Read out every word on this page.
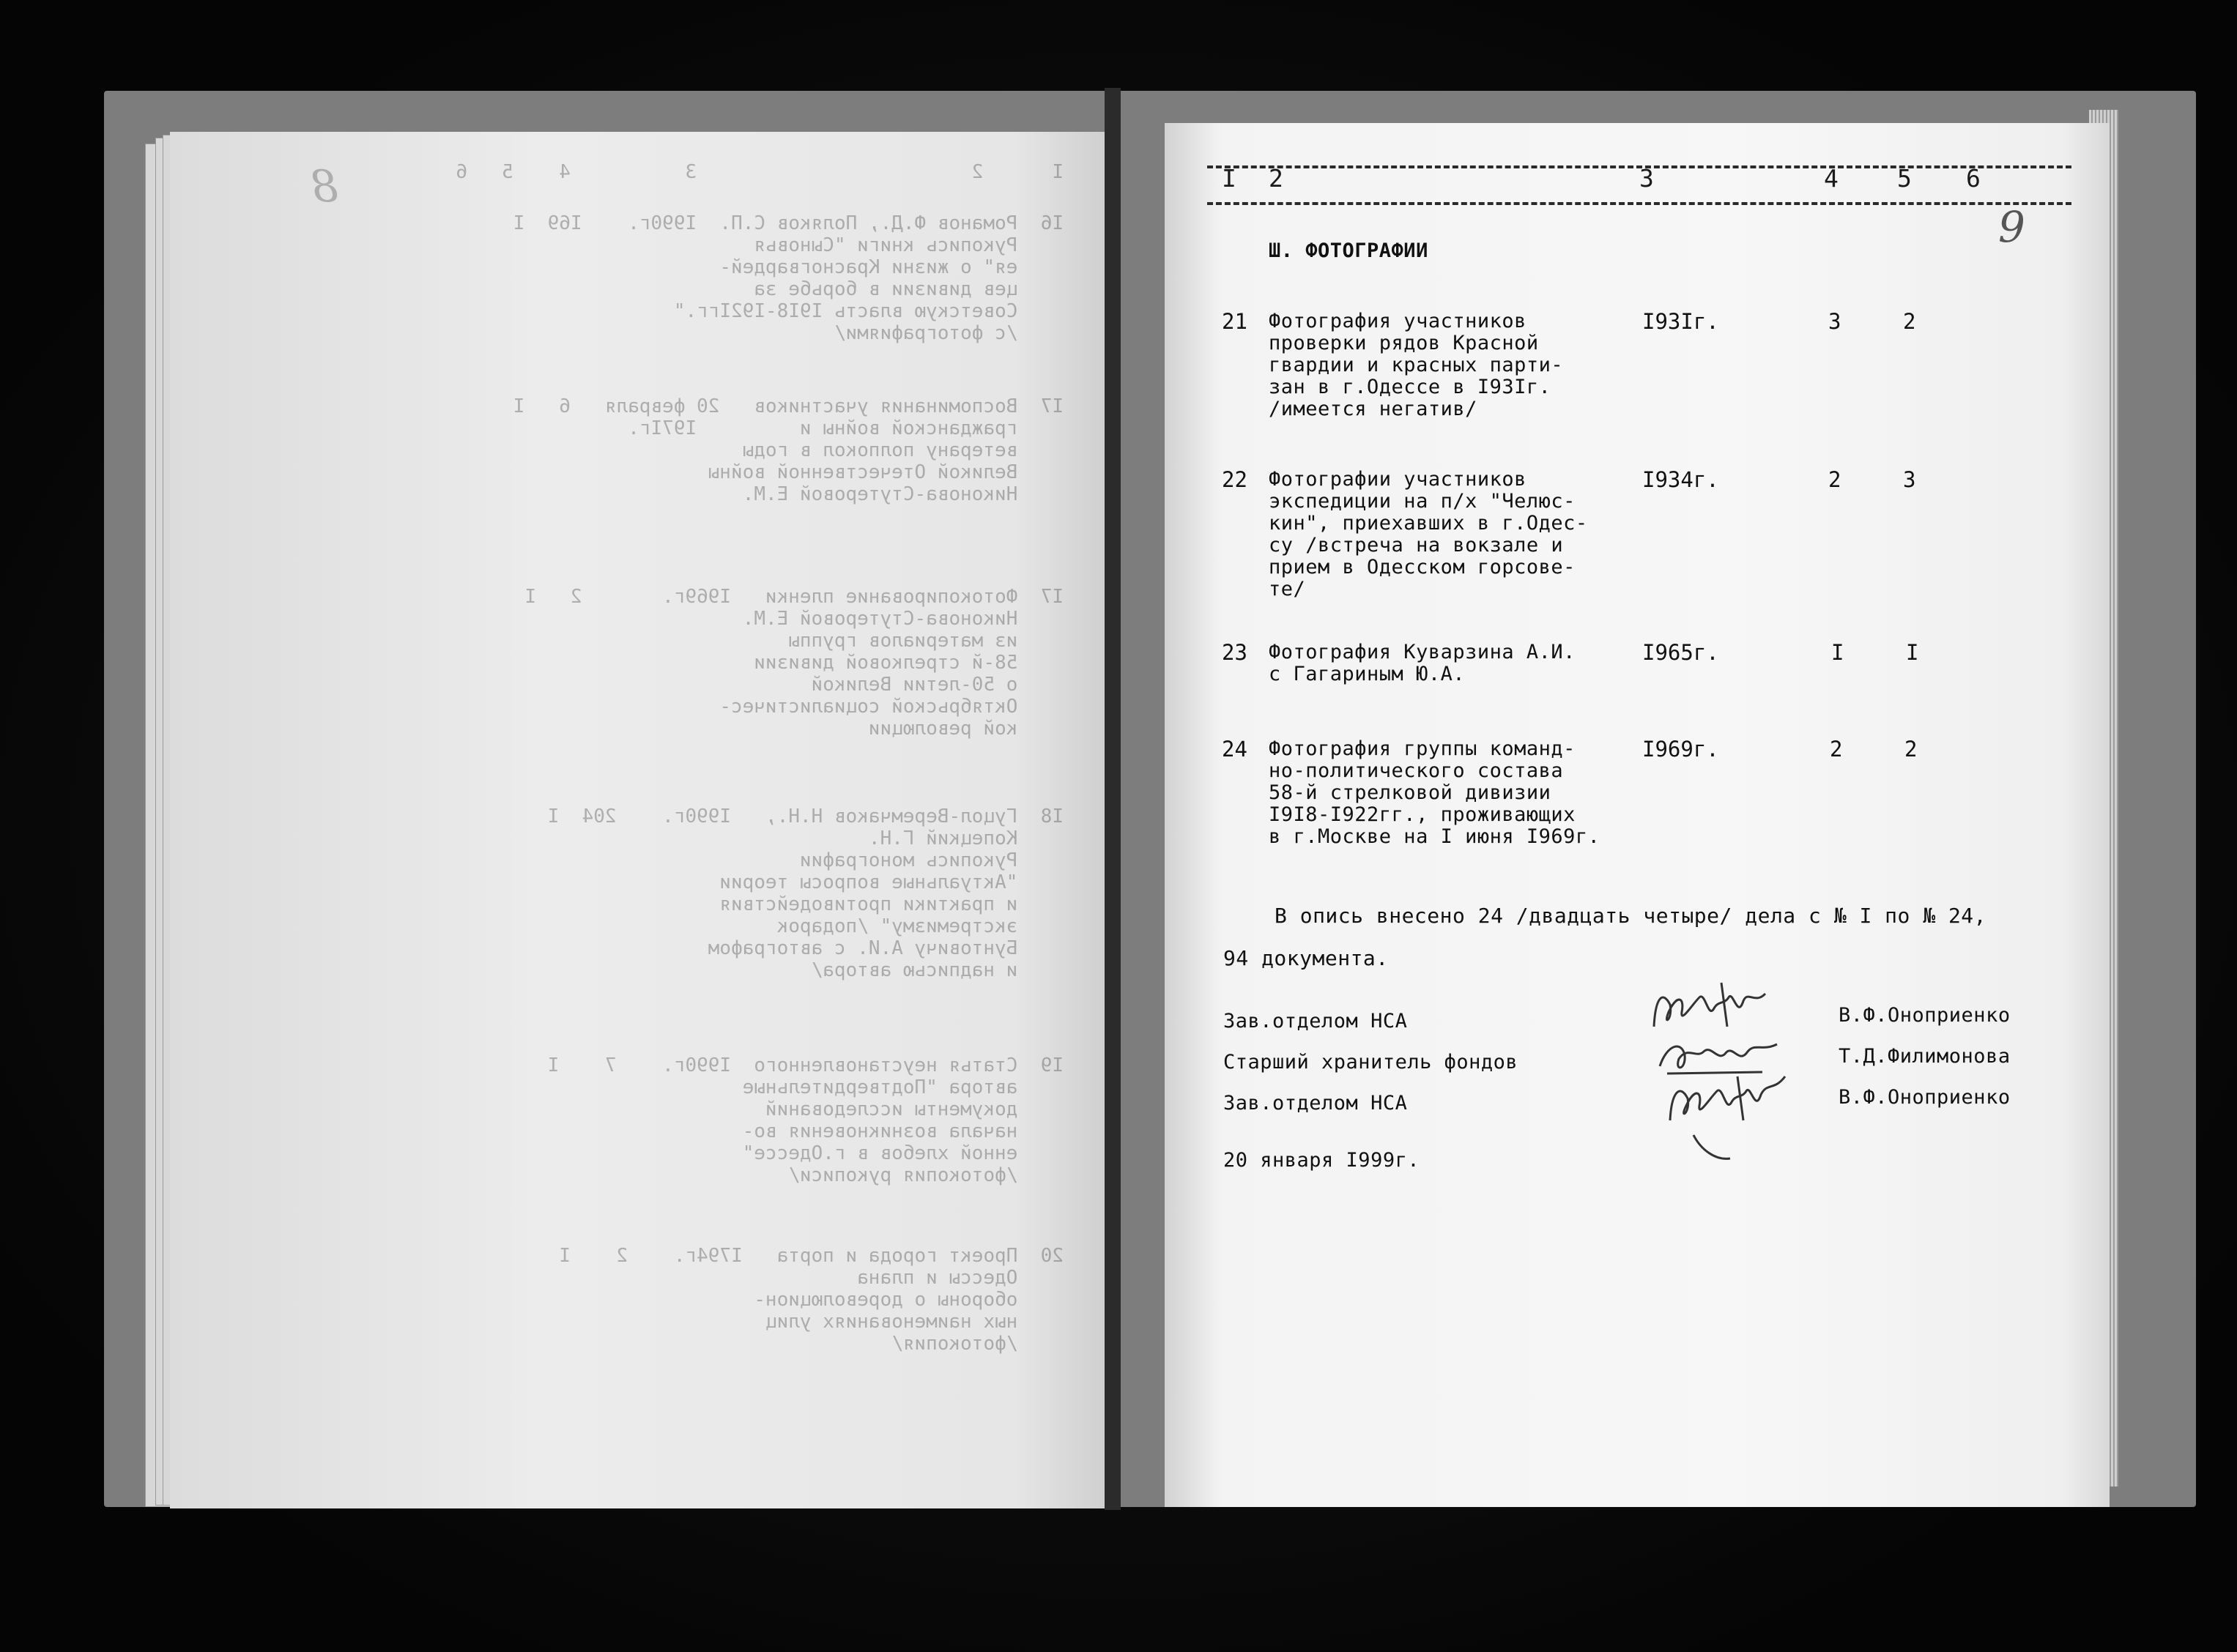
8	I      2                        3          4    5   6
I6  Романов Ф.Д., Поляков С.П.  I990г.    I69  I
Рукопись книги "Сыновья
ея" о жизни Красногвардей-
цев дивизии в борьбе за
Советскую власть I9I8-I92Iгг."
/с фотографиями/
I7  Воспоминания участников   20 февраля   6   I
гражданской войны и         I97Iг.
ветерану полпокол в годы
Великой Отечественной войны
Никонова-Стутеровой Е.М.
I7  Фотокопирование пленки   I969г.       2   I
Никонова-Стутеровой Е.М.
из материалов группы
58-й стрелковой дивизии
о 50-летии Великой
Октябрьской социалистичес-
кой революции
I8  Гуцол-Веремчаков Н.Н.,   I990г.    204  I
Копецкий Г.Н.
Рукопись монографии
"Актуальные вопросы теории
и практики противодействия
экстремизму" /подарок
Бунтовичу А.И. с автографом
и надписью автора/
I9  Статья неустановленного  I990г.    7    I
автора "Подтвердительные
документы исследований
начала возникновения во-
енной хлебов в г.Одессе"
/фотокопия рукописи/
20  Проект города и порта   I794г.    2    I
Одессы и плана
обороны о дореволюцион-
ных наименованиях улиц
/фотокопия/
I 2	3	4 5 6
9
Ш. ФОТОГРАФИИ
21 Фотография участников
проверки рядов Красной
гвардии и красных парти-
зан в г.Одессе в I93Iг.
/имеется негатив/
I93Iг.	3	2
22 Фотографии участников
экспедиции на п/х "Челюс-
кин", приехавших в г.Одес-
су /встреча на вокзале и
прием в Одесском горсове-
те/
I934г.	2	3
23 Фотография Куварзина А.И.
с Гагариным Ю.А.
I965г.	I	I
24 Фотография группы команд-
но-политического состава
58-й стрелковой дивизии
I9I8-I922гг., проживающих
в г.Москве на I июня I969г.
I969г.	2	2
В опись внесено 24 /двадцать четыре/ дела с № I по № 24,
94 документа.
Зав.отделом НСА	В.Ф.Оноприенко
Старший хранитель фондов	Т.Д.Филимонова
Зав.отделом НСА	В.Ф.Оноприенко
20 января I999г.
